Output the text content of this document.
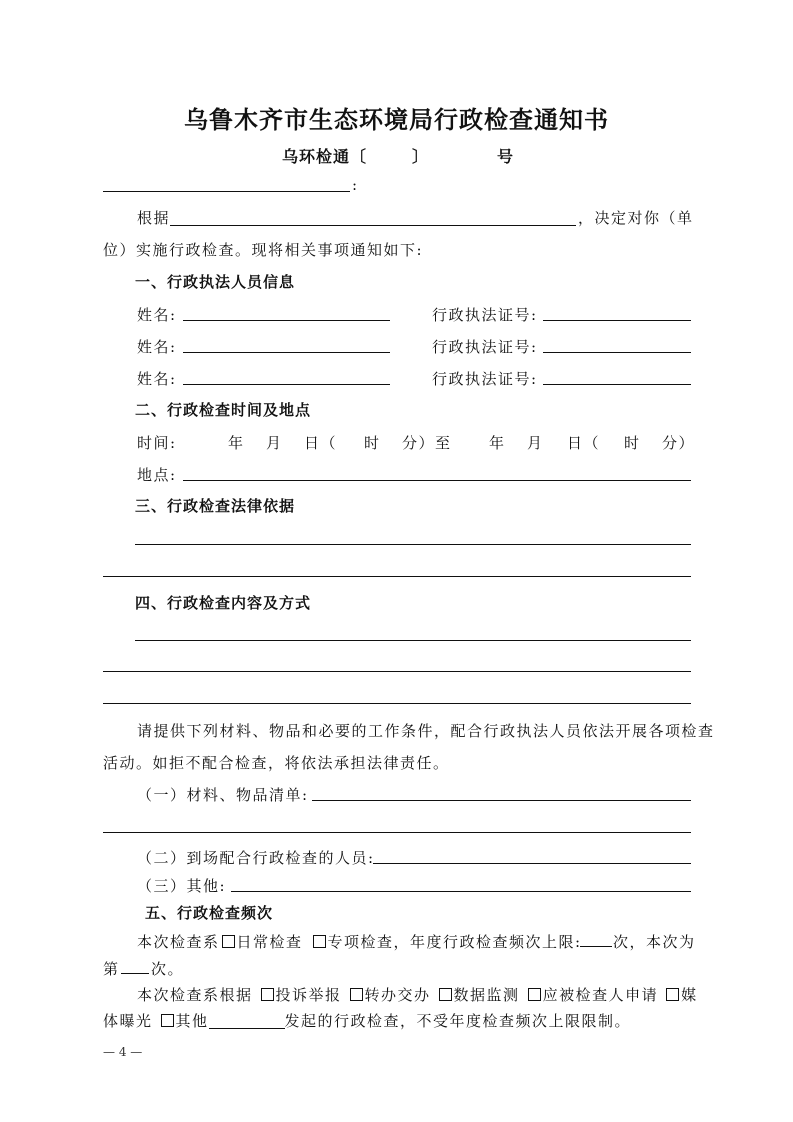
乌鲁木齐市生态环境局行政检查通知书
乌环检通〔	〕	号
:
根据	，决定对你（单
位）实施行政检查。现将相关事项通知如下:
一、行政执法人员信息
姓名:	行政执法证号:
姓名:	行政执法证号:
姓名:	行政执法证号:
二、行政检查时间及地点
时间:	年 月 日（ 时 分）至 年 月 日（ 时 分）
地点:
三、行政检查法律依据
四、行政检查内容及方式
请提供下列材料、物品和必要的工作条件，配合行政执法人员依法开展各项检查
活动。如拒不配合检查，将依法承担法律责任。
（一）材料、物品清单:
（二）到场配合行政检查的人员:
（三）其他:
五、行政检查频次
本次检查系 日常检查 专项检查，年度行政检查频次上限: 次，本次为
第 次。
本次检查系根据 投诉举报 转办交办 数据监测 应被检查人申请 媒
体曝光 其他	发起的行政检查，不受年度检查频次上限限制。
— 4 —
